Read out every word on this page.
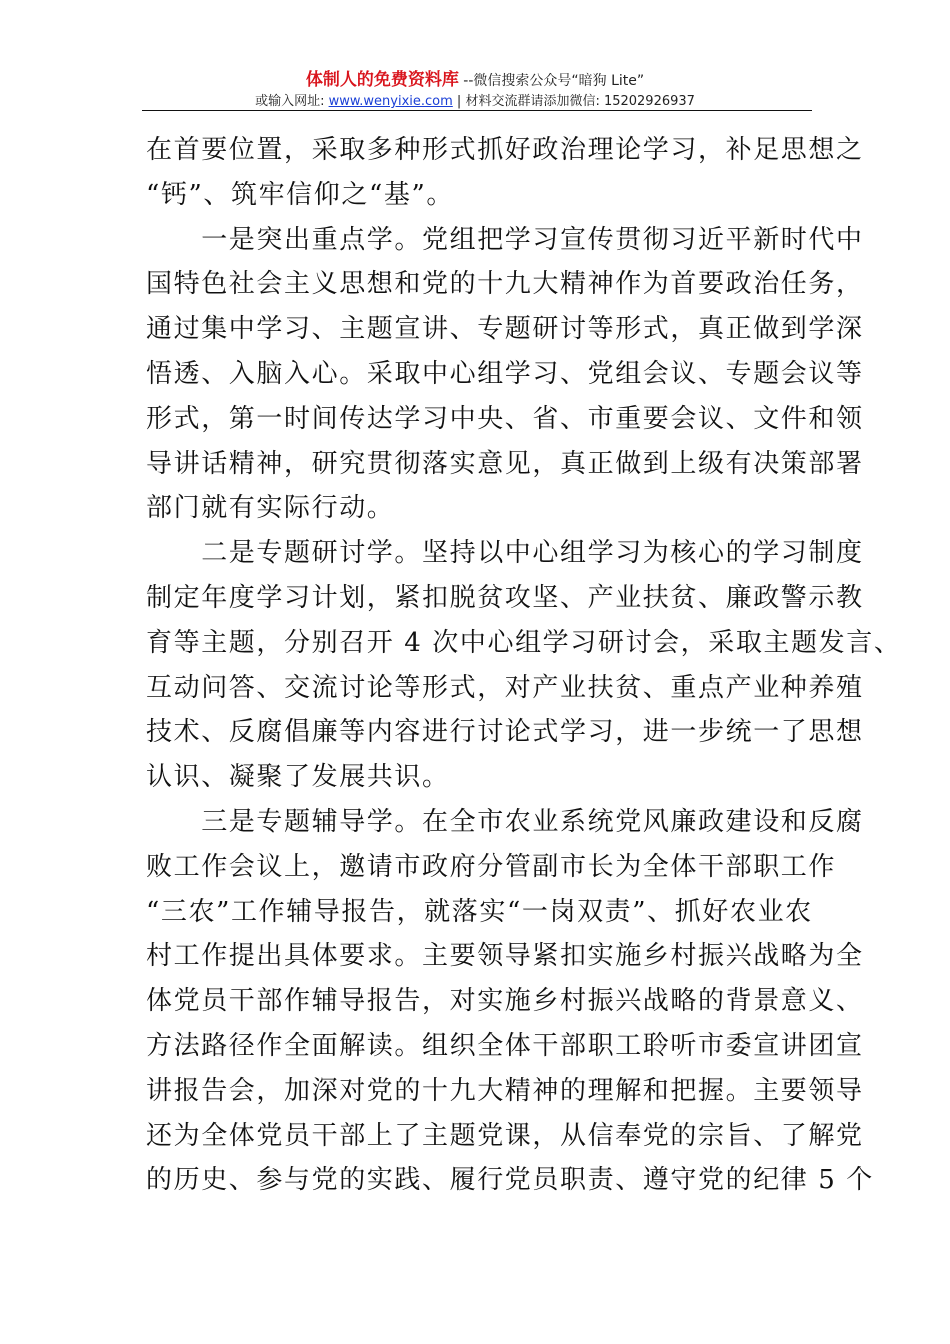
体制人的免费资料库 --微信搜索公众号“暗狗 Lite”
或输入网址: www.wenyixie.com | 材料交流群请添加微信: 15202926937

在首要位置，采取多种形式抓好政治理论学习，补足思想之
“钙”、筑牢信仰之“基”。

　　一是突出重点学。党组把学习宣传贯彻习近平新时代中
国特色社会主义思想和党的十九大精神作为首要政治任务，
通过集中学习、主题宣讲、专题研讨等形式，真正做到学深
悟透、入脑入心。采取中心组学习、党组会议、专题会议等
形式，第一时间传达学习中央、省、市重要会议、文件和领
导讲话精神，研究贯彻落实意见，真正做到上级有决策部署
部门就有实际行动。

　　二是专题研讨学。坚持以中心组学习为核心的学习制度
制定年度学习计划，紧扣脱贫攻坚、产业扶贫、廉政警示教
育等主题，分别召开 4 次中心组学习研讨会，采取主题发言、
互动问答、交流讨论等形式，对产业扶贫、重点产业种养殖
技术、反腐倡廉等内容进行讨论式学习，进一步统一了思想
认识、凝聚了发展共识。

　　三是专题辅导学。在全市农业系统党风廉政建设和反腐
败工作会议上，邀请市政府分管副市长为全体干部职工作
“三农”工作辅导报告，就落实“一岗双责”、抓好农业农
村工作提出具体要求。主要领导紧扣实施乡村振兴战略为全
体党员干部作辅导报告，对实施乡村振兴战略的背景意义、
方法路径作全面解读。组织全体干部职工聆听市委宣讲团宣
讲报告会，加深对党的十九大精神的理解和把握。主要领导
还为全体党员干部上了主题党课，从信奉党的宗旨、了解党
的历史、参与党的实践、履行党员职责、遵守党的纪律 5 个
